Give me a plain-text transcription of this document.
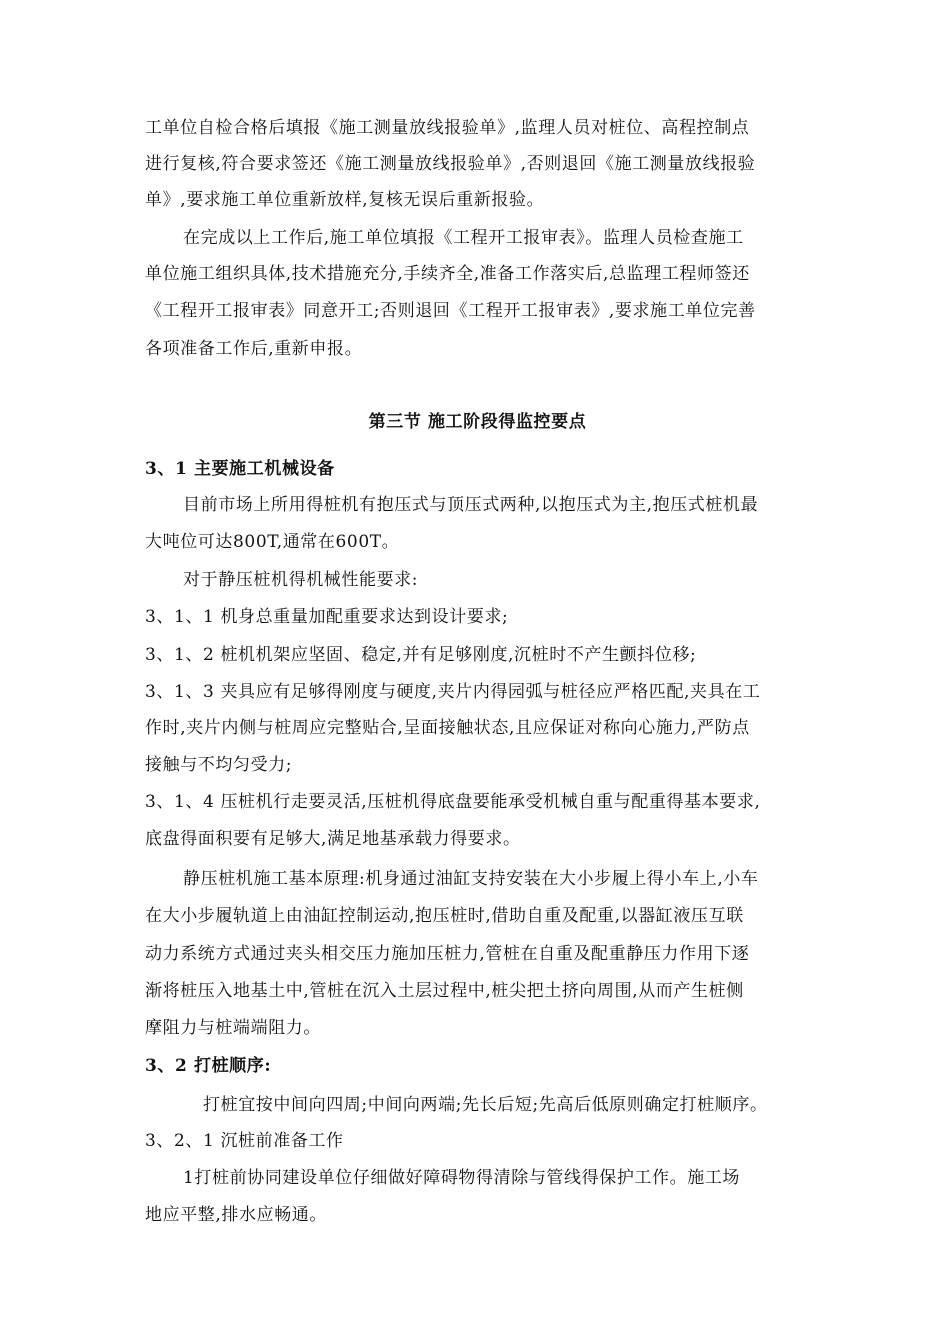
工单位自检合格后填报《施工测量放线报验单》,监理人员对桩位、高程控制点
进行复核,符合要求签还《施工测量放线报验单》,否则退回《施工测量放线报验
单》,要求施工单位重新放样,复核无误后重新报验。
在完成以上工作后,施工单位填报《工程开工报审表》。监理人员检查施工
单位施工组织具体,技术措施充分,手续齐全,准备工作落实后,总监理工程师签还
《工程开工报审表》同意开工;否则退回《工程开工报审表》,要求施工单位完善
各项准备工作后,重新申报。
第三节 施工阶段得监控要点
3、1 主要施工机械设备
目前市场上所用得桩机有抱压式与顶压式两种,以抱压式为主,抱压式桩机最
大吨位可达800T,通常在600T。
对于静压桩机得机械性能要求:
3、1、1 机身总重量加配重要求达到设计要求;
3、1、2 桩机机架应坚固、稳定,并有足够刚度,沉桩时不产生颤抖位移;
3、1、3 夹具应有足够得刚度与硬度,夹片内得园弧与桩径应严格匹配,夹具在工
作时,夹片内侧与桩周应完整贴合,呈面接触状态,且应保证对称向心施力,严防点
接触与不均匀受力;
3、1、4 压桩机行走要灵活,压桩机得底盘要能承受机械自重与配重得基本要求,
底盘得面积要有足够大,满足地基承载力得要求。
静压桩机施工基本原理:机身通过油缸支持安装在大小步履上得小车上,小车
在大小步履轨道上由油缸控制运动,抱压桩时,借助自重及配重,以器缸液压互联
动力系统方式通过夹头相交压力施加压桩力,管桩在自重及配重静压力作用下逐
渐将桩压入地基土中,管桩在沉入土层过程中,桩尖把土挤向周围,从而产生桩侧
摩阻力与桩端端阻力。
3、2 打桩顺序:
打桩宜按中间向四周;中间向两端;先长后短;先高后低原则确定打桩顺序。
3、2、1 沉桩前准备工作
1打桩前协同建设单位仔细做好障碍物得清除与管线得保护工作。施工场
地应平整,排水应畅通。
